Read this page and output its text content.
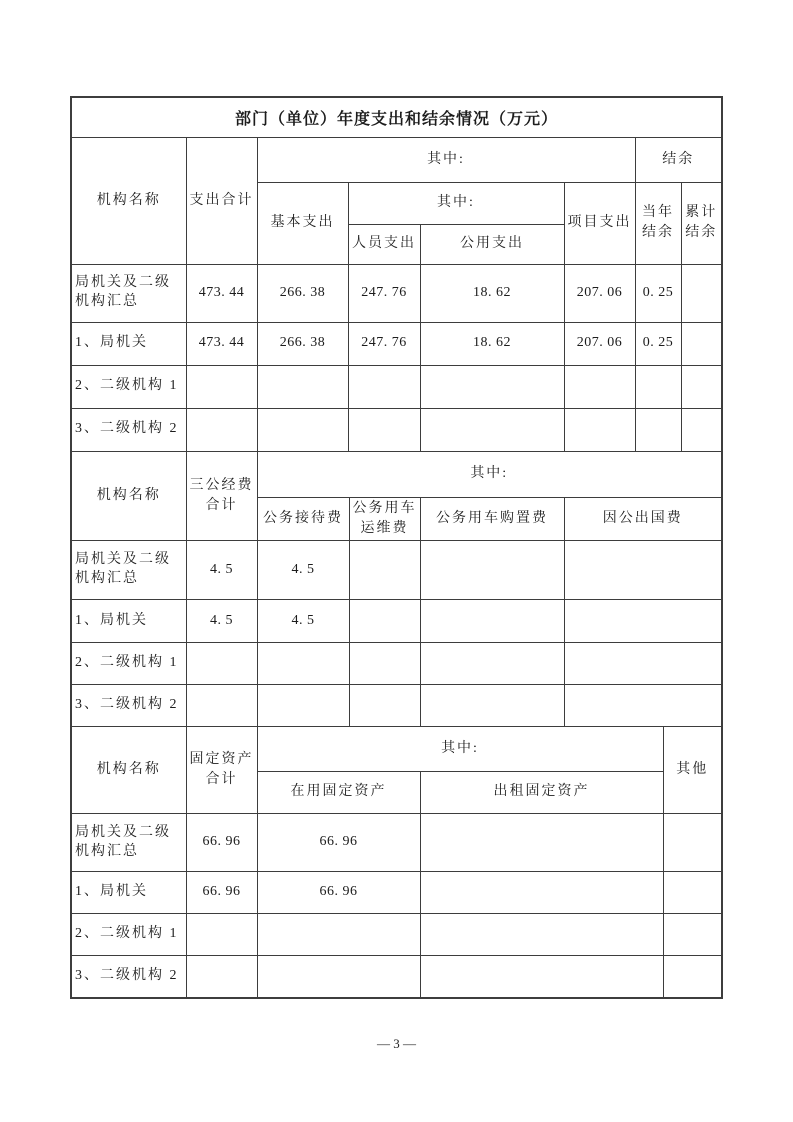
部门（单位）年度支出和结余情况（万元）
机构名称	支出合计	其中:				结余	
		基本支出	其中:		项目支出	当年结余	累计结余
			人员支出	公用支出			
局机关及二级机构汇总	473. 44	266. 38	247. 76	18. 62	207. 06	0. 25	
1、局机关	473. 44	266. 38	247. 76	18. 62	207. 06	0. 25	
2、二级机构 1							
3、二级机构 2							
机构名称	三公经费合计	其中:			
		公务接待费	公务用车运维费	公务用车购置费	因公出国费
局机关及二级机构汇总	4. 5	4. 5			
1、局机关	4. 5	4. 5			
2、二级机构 1					
3、二级机构 2					
机构名称	固定资产合计	其中:		其他
		在用固定资产	出租固定资产	
局机关及二级机构汇总	66. 96	66. 96		
1、局机关	66. 96	66. 96		
2、二级机构 1				
3、二级机构 2				
— 3 —
